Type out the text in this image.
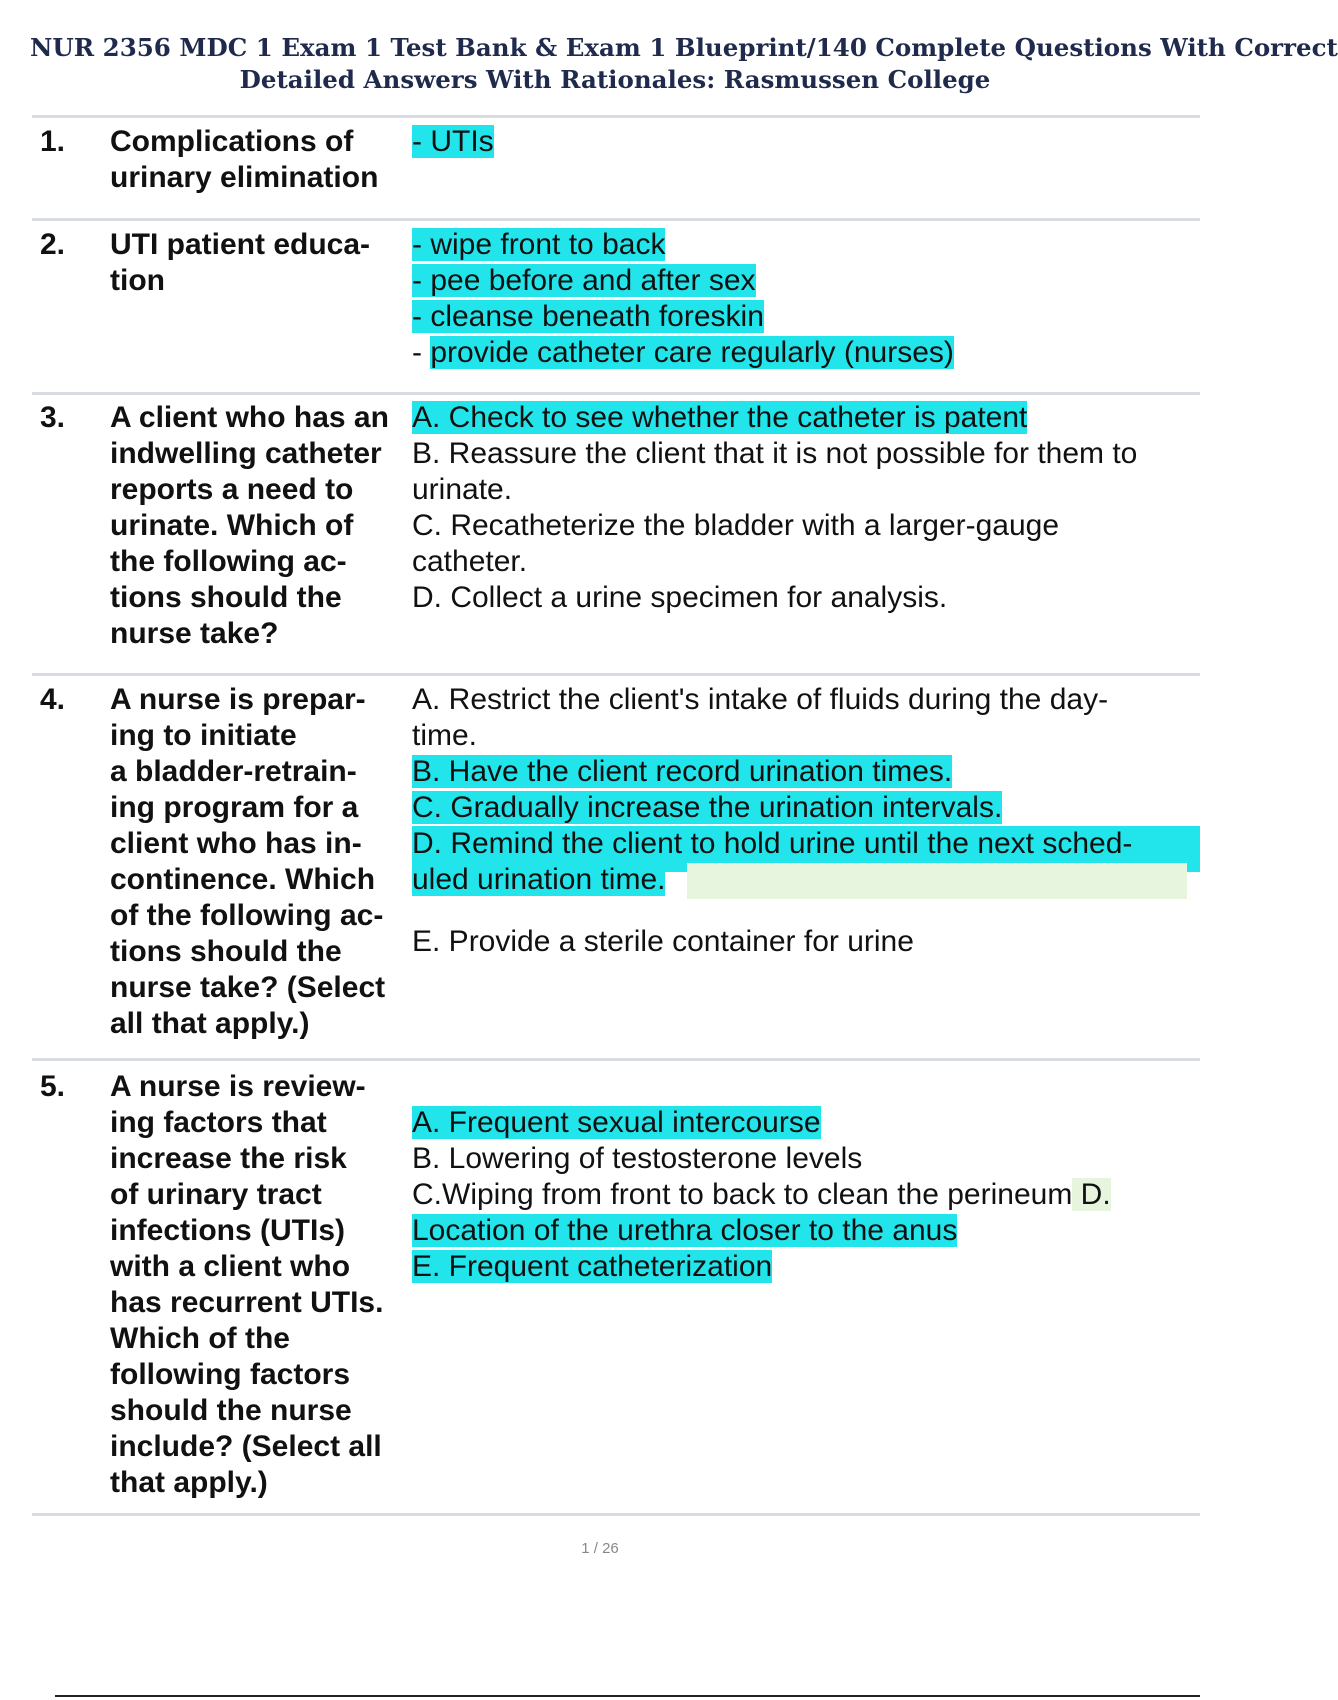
NUR 2356 MDC 1 Exam 1 Test Bank & Exam 1 Blueprint/140 Complete Questions With Correct
Detailed Answers With Rationales: Rasmussen College
1. Complications of
urinary elimination
- UTIs
2. UTI patient educa-
tion
- wipe front to back
- pee before and after sex
- cleanse beneath foreskin
- provide catheter care regularly (nurses)
3. A client who has an
indwelling catheter
reports a need to
urinate. Which of
the following ac-
tions should the
nurse take?
A. Check to see whether the catheter is patent
B. Reassure the client that it is not possible for them to
urinate.
C. Recatheterize the bladder with a larger-gauge
catheter.
D. Collect a urine specimen for analysis.
4. A nurse is prepar-
ing to initiate
a bladder-retrain-
ing program for a
client who has in-
continence. Which
of the following ac-
tions should the
nurse take? (Select
all that apply.)
A. Restrict the client's intake of fluids during the day-
time.
B. Have the client record urination times.
C. Gradually increase the urination intervals.
D. Remind the client to hold urine until the next sched-
uled urination time.
E. Provide a sterile container for urine
5. A nurse is review-
ing factors that
increase the risk
of urinary tract
infections (UTIs)
with a client who
has recurrent UTIs.
Which of the
following factors
should the nurse
include? (Select all
that apply.)
A. Frequent sexual intercourse
B. Lowering of testosterone levels
C.Wiping from front to back to clean the perineum D.
Location of the urethra closer to the anus
E. Frequent catheterization
1 / 26
